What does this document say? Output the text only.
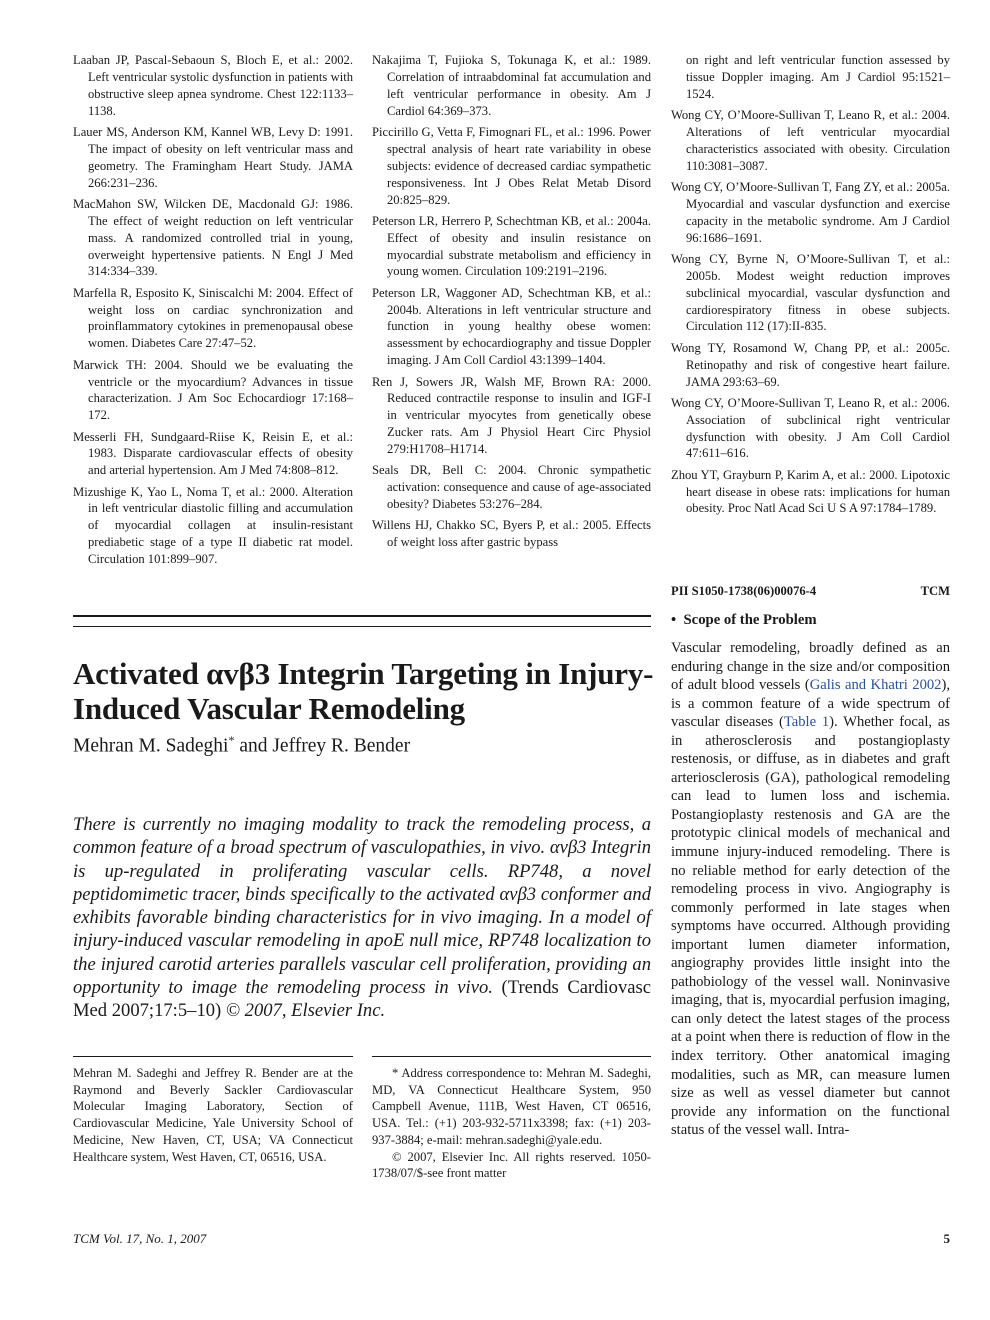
Laaban JP, Pascal-Sebaoun S, Bloch E, et al.: 2002. Left ventricular systolic dysfunction in patients with obstructive sleep apnea syndrome. Chest 122:1133–1138.

Lauer MS, Anderson KM, Kannel WB, Levy D: 1991. The impact of obesity on left ventricular mass and geometry. The Framingham Heart Study. JAMA 266:231–236.

MacMahon SW, Wilcken DE, Macdonald GJ: 1986. The effect of weight reduction on left ventricular mass. A randomized controlled trial in young, overweight hypertensive patients. N Engl J Med 314:334–339.

Marfella R, Esposito K, Siniscalchi M: 2004. Effect of weight loss on cardiac synchronization and proinflammatory cytokines in premenopausal obese women. Diabetes Care 27:47–52.

Marwick TH: 2004. Should we be evaluating the ventricle or the myocardium? Advances in tissue characterization. J Am Soc Echocardiogr 17:168–172.

Messerli FH, Sundgaard-Riise K, Reisin E, et al.: 1983. Disparate cardiovascular effects of obesity and arterial hypertension. Am J Med 74:808–812.

Mizushige K, Yao L, Noma T, et al.: 2000. Alteration in left ventricular diastolic filling and accumulation of myocardial collagen at insulin-resistant prediabetic stage of a type II diabetic rat model. Circulation 101:899–907.

Nakajima T, Fujioka S, Tokunaga K, et al.: 1989. Correlation of intraabdominal fat accumulation and left ventricular performance in obesity. Am J Cardiol 64:369–373.

Piccirillo G, Vetta F, Fimognari FL, et al.: 1996. Power spectral analysis of heart rate variability in obese subjects: evidence of decreased cardiac sympathetic responsiveness. Int J Obes Relat Metab Disord 20:825–829.

Peterson LR, Herrero P, Schechtman KB, et al.: 2004a. Effect of obesity and insulin resistance on myocardial substrate metabolism and efficiency in young women. Circulation 109:2191–2196.

Peterson LR, Waggoner AD, Schechtman KB, et al.: 2004b. Alterations in left ventricular structure and function in young healthy obese women: assessment by echocardiography and tissue Doppler imaging. J Am Coll Cardiol 43:1399–1404.

Ren J, Sowers JR, Walsh MF, Brown RA: 2000. Reduced contractile response to insulin and IGF-I in ventricular myocytes from genetically obese Zucker rats. Am J Physiol Heart Circ Physiol 279:H1708–H1714.

Seals DR, Bell C: 2004. Chronic sympathetic activation: consequence and cause of age-associated obesity? Diabetes 53:276–284.

Willens HJ, Chakko SC, Byers P, et al.: 2005. Effects of weight loss after gastric bypass

on right and left ventricular function assessed by tissue Doppler imaging. Am J Cardiol 95:1521–1524.

Wong CY, O’Moore-Sullivan T, Leano R, et al.: 2004. Alterations of left ventricular myocardial characteristics associated with obesity. Circulation 110:3081–3087.

Wong CY, O’Moore-Sullivan T, Fang ZY, et al.: 2005a. Myocardial and vascular dysfunction and exercise capacity in the metabolic syndrome. Am J Cardiol 96:1686–1691.

Wong CY, Byrne N, O’Moore-Sullivan T, et al.: 2005b. Modest weight reduction improves subclinical myocardial, vascular dysfunction and cardiorespiratory fitness in obese subjects. Circulation 112 (17):II-835.

Wong TY, Rosamond W, Chang PP, et al.: 2005c. Retinopathy and risk of congestive heart failure. JAMA 293:63–69.

Wong CY, O’Moore-Sullivan T, Leano R, et al.: 2006. Association of subclinical right ventricular dysfunction with obesity. J Am Coll Cardiol 47:611–616.

Zhou YT, Grayburn P, Karim A, et al.: 2000. Lipotoxic heart disease in obese rats: implications for human obesity. Proc Natl Acad Sci U S A 97:1784–1789.

PII S1050-1738(06)00076-4	TCM
Activated αvβ3 Integrin Targeting in Injury-Induced Vascular Remodeling

Mehran M. Sadeghi* and Jeffrey R. Bender

There is currently no imaging modality to track the remodeling process, a common feature of a broad spectrum of vasculopathies, in vivo. αvβ3 Integrin is up-regulated in proliferating vascular cells. RP748, a novel peptidomimetic tracer, binds specifically to the activated αvβ3 conformer and exhibits favorable binding characteristics for in vivo imaging. In a model of injury-induced vascular remodeling in apoE null mice, RP748 localization to the injured carotid arteries parallels vascular cell proliferation, providing an opportunity to image the remodeling process in vivo. (Trends Cardiovasc Med 2007;17:5–10) © 2007, Elsevier Inc.

Mehran M. Sadeghi and Jeffrey R. Bender are at the Raymond and Beverly Sackler Cardiovascular Molecular Imaging Laboratory, Section of Cardiovascular Medicine, Yale University School of Medicine, New Haven, CT, USA; VA Connecticut Healthcare system, West Haven, CT, 06516, USA.
* Address correspondence to: Mehran M. Sadeghi, MD, VA Connecticut Healthcare System, 950 Campbell Avenue, 111B, West Haven, CT 06516, USA. Tel.: (+1) 203-932-5711x3398; fax: (+1) 203-937-3884; e-mail: mehran.sadeghi@yale.edu.
© 2007, Elsevier Inc. All rights reserved. 1050-1738/07/$-see front matter

• Scope of the Problem

Vascular remodeling, broadly defined as an enduring change in the size and/or composition of adult blood vessels (Galis and Khatri 2002), is a common feature of a wide spectrum of vascular diseases (Table 1). Whether focal, as in atherosclerosis and postangioplasty restenosis, or diffuse, as in diabetes and graft arteriosclerosis (GA), pathological remodeling can lead to lumen loss and ischemia. Postangioplasty restenosis and GA are the prototypic clinical models of mechanical and immune injury-induced remodeling. There is no reliable method for early detection of the remodeling process in vivo. Angiography is commonly performed in late stages when symptoms have occurred. Although providing important lumen diameter information, angiography provides little insight into the pathobiology of the vessel wall. Noninvasive imaging, that is, myocardial perfusion imaging, can only detect the latest stages of the process at a point when there is reduction of flow in the index territory. Other anatomical imaging modalities, such as MR, can measure lumen size as well as vessel diameter but cannot provide any information on the functional status of the vessel wall. Intra-

TCM Vol. 17, No. 1, 2007	5
